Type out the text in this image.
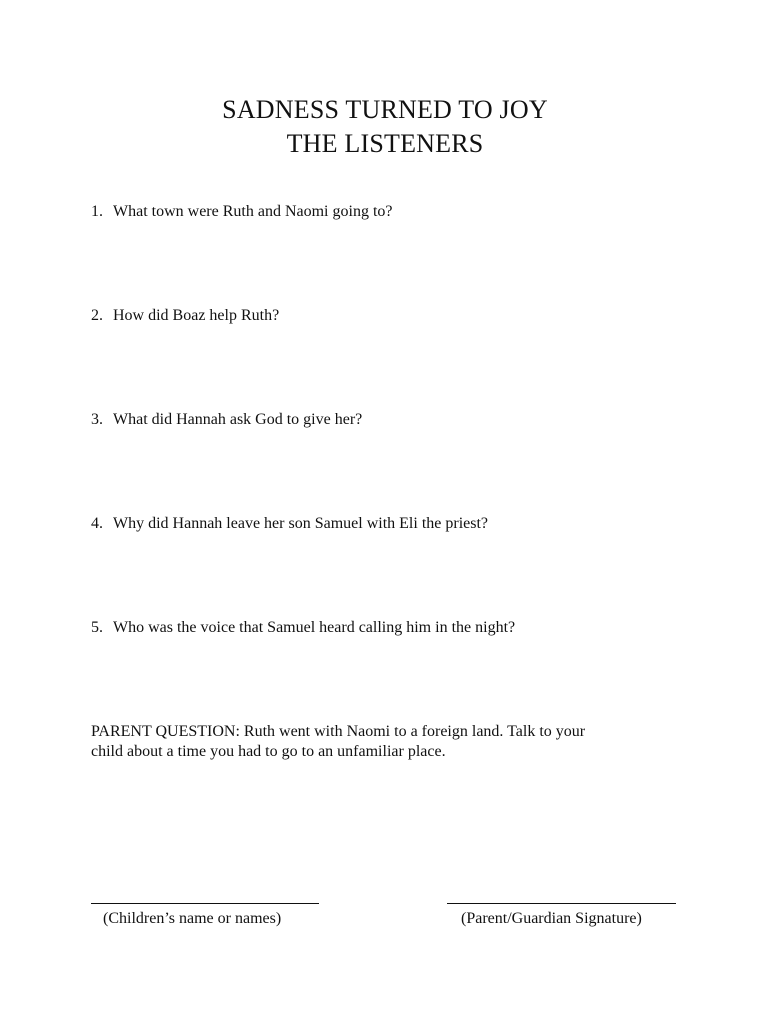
SADNESS TURNED TO JOY
THE LISTENERS
1. What town were Ruth and Naomi going to?
2. How did Boaz help Ruth?
3. What did Hannah ask God to give her?
4. Why did Hannah leave her son Samuel with Eli the priest?
5. Who was the voice that Samuel heard calling him in the night?
PARENT QUESTION: Ruth went with Naomi to a foreign land. Talk to your
child about a time you had to go to an unfamiliar place.
(Children’s name or names)	(Parent/Guardian Signature)
